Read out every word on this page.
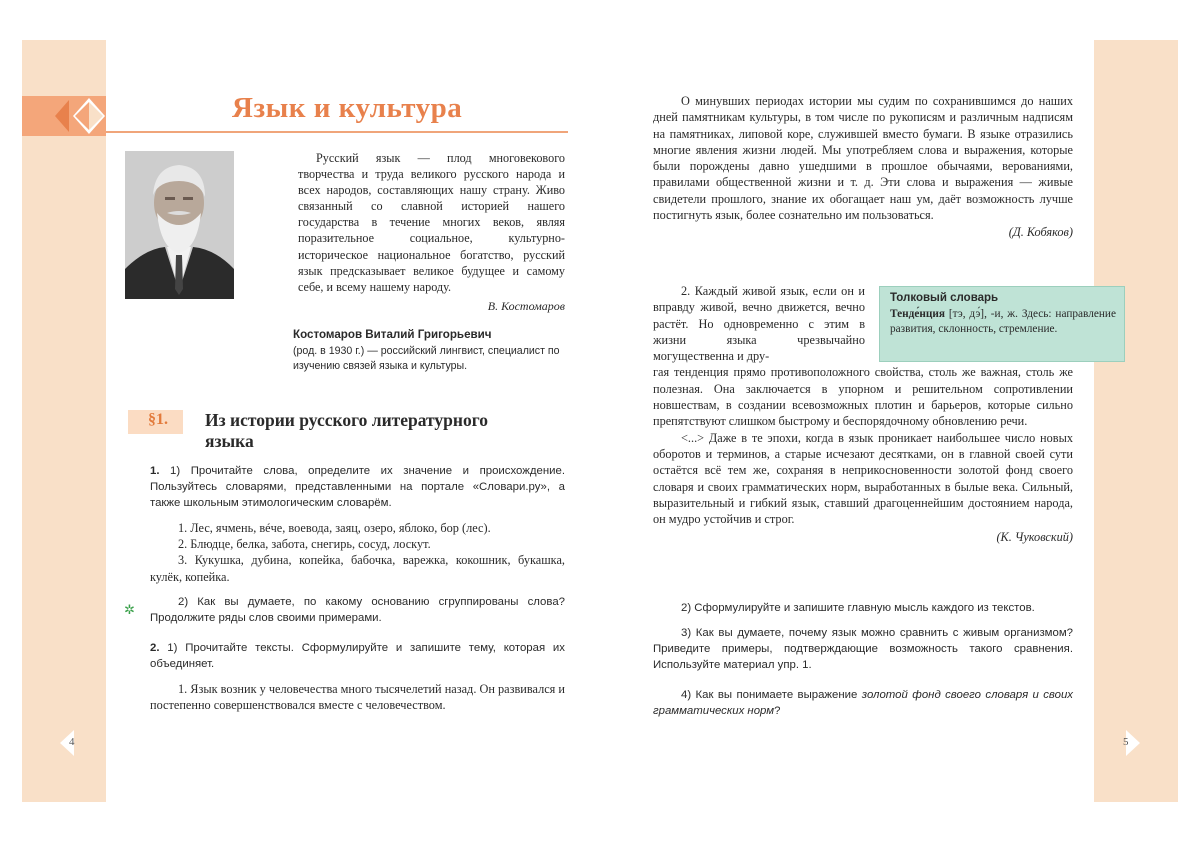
Язык и культура

Русский язык — плод многовекового творчества и труда великого русского народа и всех народов, составляющих нашу страну. Живо связанный со славной историей нашего государства в течение многих веков, являя поразительное социальное, культурно-историческое национальное богатство, русский язык предсказывает великое будущее и самому себе, и всему нашему народу.

В. Костомаров
Костомаров Виталий Григорьевич
(род. в 1930 г.) — российский лингвист, специалист по изучению связей языка и культуры.
§1. Из истории русского литературного языка
✲

1. 1) Прочитайте слова, определите их значение и происхождение. Пользуйтесь словарями, представленными на портале «Словари.ру», а также школьным этимологическим словарём.

1. Лес, ячмень, вéче, воевода, заяц, озеро, яблоко, бор (лес).

2. Блюдце, белка, забота, снегирь, сосуд, лоскут.

3. Кукушка, дубина, копейка, бабочка, варежка, кокошник, букашка, кулёк, копейка.

2) Как вы думаете, по какому основанию сгруппированы слова? Продолжите ряды слов своими примерами.

2. 1) Прочитайте тексты. Сформулируйте и запишите тему, которая их объединяет.

1. Язык возник у человечества много тысячелетий назад. Он развивался и постепенно совершенствовался вместе с человечеством.

О минувших периодах истории мы судим по сохранившимся до наших дней памятникам культуры, в том числе по рукописям и различным надписям на памятниках, липовой коре, служившей вместо бумаги. В языке отразились многие явления жизни людей. Мы употребляем слова и выражения, которые были порождены давно ушедшими в прошлое обычаями, верованиями, правилами общественной жизни и т. д. Эти слова и выражения — живые свидетели прошлого, знание их обогащает наш ум, даёт возможность лучше постигнуть язык, более сознательно им пользоваться.

(Д. Кобяков)
Толковый словарь
Тенде́нция [тэ, дэ́], -и, ж. Здесь: направление развития, склонность, стремление.

2. Каждый живой язык, если он и вправду живой, вечно движется, вечно растёт. Но одновременно с этим в жизни языка чрезвычайно могущественна и дру-

гая тенденция прямо противоположного свойства, столь же важная, столь же полезная. Она заключается в упорном и решительном сопротивлении новшествам, в создании всевозможных плотин и барьеров, которые сильно препятствуют слишком быстрому и беспорядочному обновлению речи.

<...> Даже в те эпохи, когда в язык проникает наибольшее число новых оборотов и терминов, а старые исчезают десятками, он в главной своей сути остаётся всё тем же, сохраняя в неприкосновенности золотой фонд своего словаря и своих грамматических норм, выработанных в былые века. Сильный, выразительный и гибкий язык, ставший драгоценнейшим достоянием народа, он мудро устойчив и строг.

(К. Чуковский)

2) Сформулируйте и запишите главную мысль каждого из текстов.

3) Как вы думаете, почему язык можно сравнить с живым организмом? Приведите примеры, подтверждающие возможность такого сравнения. Используйте материал упр. 1.

4) Как вы понимаете выражение золотой фонд своего словаря и своих грамматических норм?

4	5
